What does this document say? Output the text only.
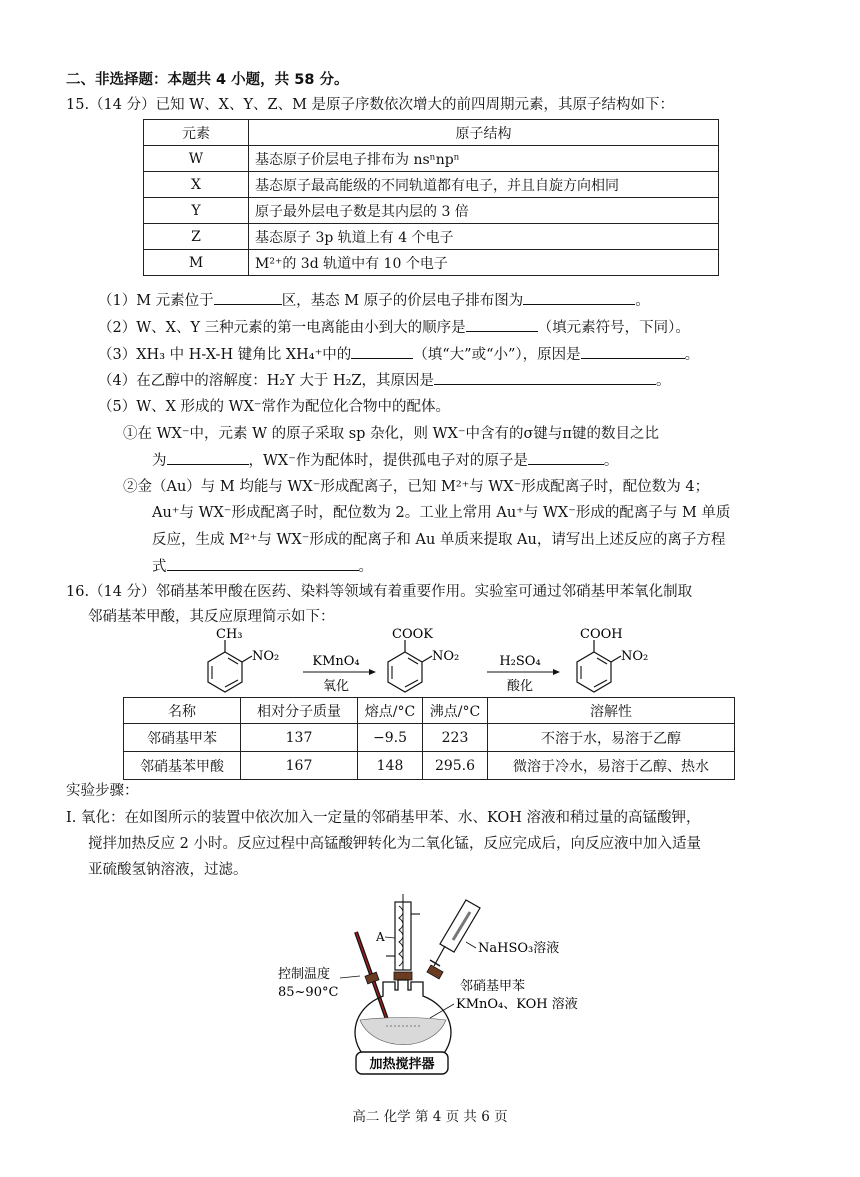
二、非选择题：本题共 4 小题，共 58 分。
15.（14 分）已知 W、X、Y、Z、M 是原子序数依次增大的前四周期元素，其原子结构如下：
元素	原子结构
W	基态原子价层电子排布为 nsⁿnpⁿ
X	基态原子最高能级的不同轨道都有电子，并且自旋方向相同
Y	原子最外层电子数是其内层的 3 倍
Z	基态原子 3p 轨道上有 4 个电子
M	M²⁺的 3d 轨道中有 10 个电子
（1）M 元素位于	区，基态 M 原子的价层电子排布图为	。
（2）W、X、Y 三种元素的第一电离能由小到大的顺序是	（填元素符号，下同）。
（3）XH₃ 中 H-X-H 键角比 XH₄⁺中的	（填“大”或“小”），原因是	。
（4）在乙醇中的溶解度：H₂Y 大于 H₂Z，其原因是	。
（5）W、X 形成的 WX⁻常作为配位化合物中的配体。
①在 WX⁻中，元素 W 的原子采取 sp 杂化，则 WX⁻中含有的σ键与π键的数目之比
为	，WX⁻作为配体时，提供孤电子对的原子是	。
②金（Au）与 M 均能与 WX⁻形成配离子，已知 M²⁺与 WX⁻形成配离子时，配位数为 4；
Au⁺与 WX⁻形成配离子时，配位数为 2。工业上常用 Au⁺与 WX⁻形成的配离子与 M 单质
反应，生成 M²⁺与 WX⁻形成的配离子和 Au 单质来提取 Au，请写出上述反应的离子方程
式	。
16.（14 分）邻硝基苯甲酸在医药、染料等领域有着重要作用。实验室可通过邻硝基甲苯氧化制取
邻硝基苯甲酸，其反应原理简示如下：
CH₃
NO₂	KMnO₄
氧化
COOK
NO₂	H₂SO₄
酸化
COOH
NO₂
名称	相对分子质量	熔点/°C	沸点/°C	溶解性
邻硝基甲苯	137	−9.5	223	不溶于水，易溶于乙醇
邻硝基苯甲酸	167	148	295.6	微溶于冷水，易溶于乙醇、热水
实验步骤：
I. 氧化：在如图所示的装置中依次加入一定量的邻硝基甲苯、水、KOH 溶液和稍过量的高锰酸钾，
搅拌加热反应 2 小时。反应过程中高锰酸钾转化为二氧化锰，反应完成后，向反应液中加入适量
亚硫酸氢钠溶液，过滤。
A
NaHSO₃溶液
控制温度
85~90°C	邻硝基甲苯
KMnO₄、KOH 溶液
加热搅拌器
高二 化学 第 4 页 共 6 页
